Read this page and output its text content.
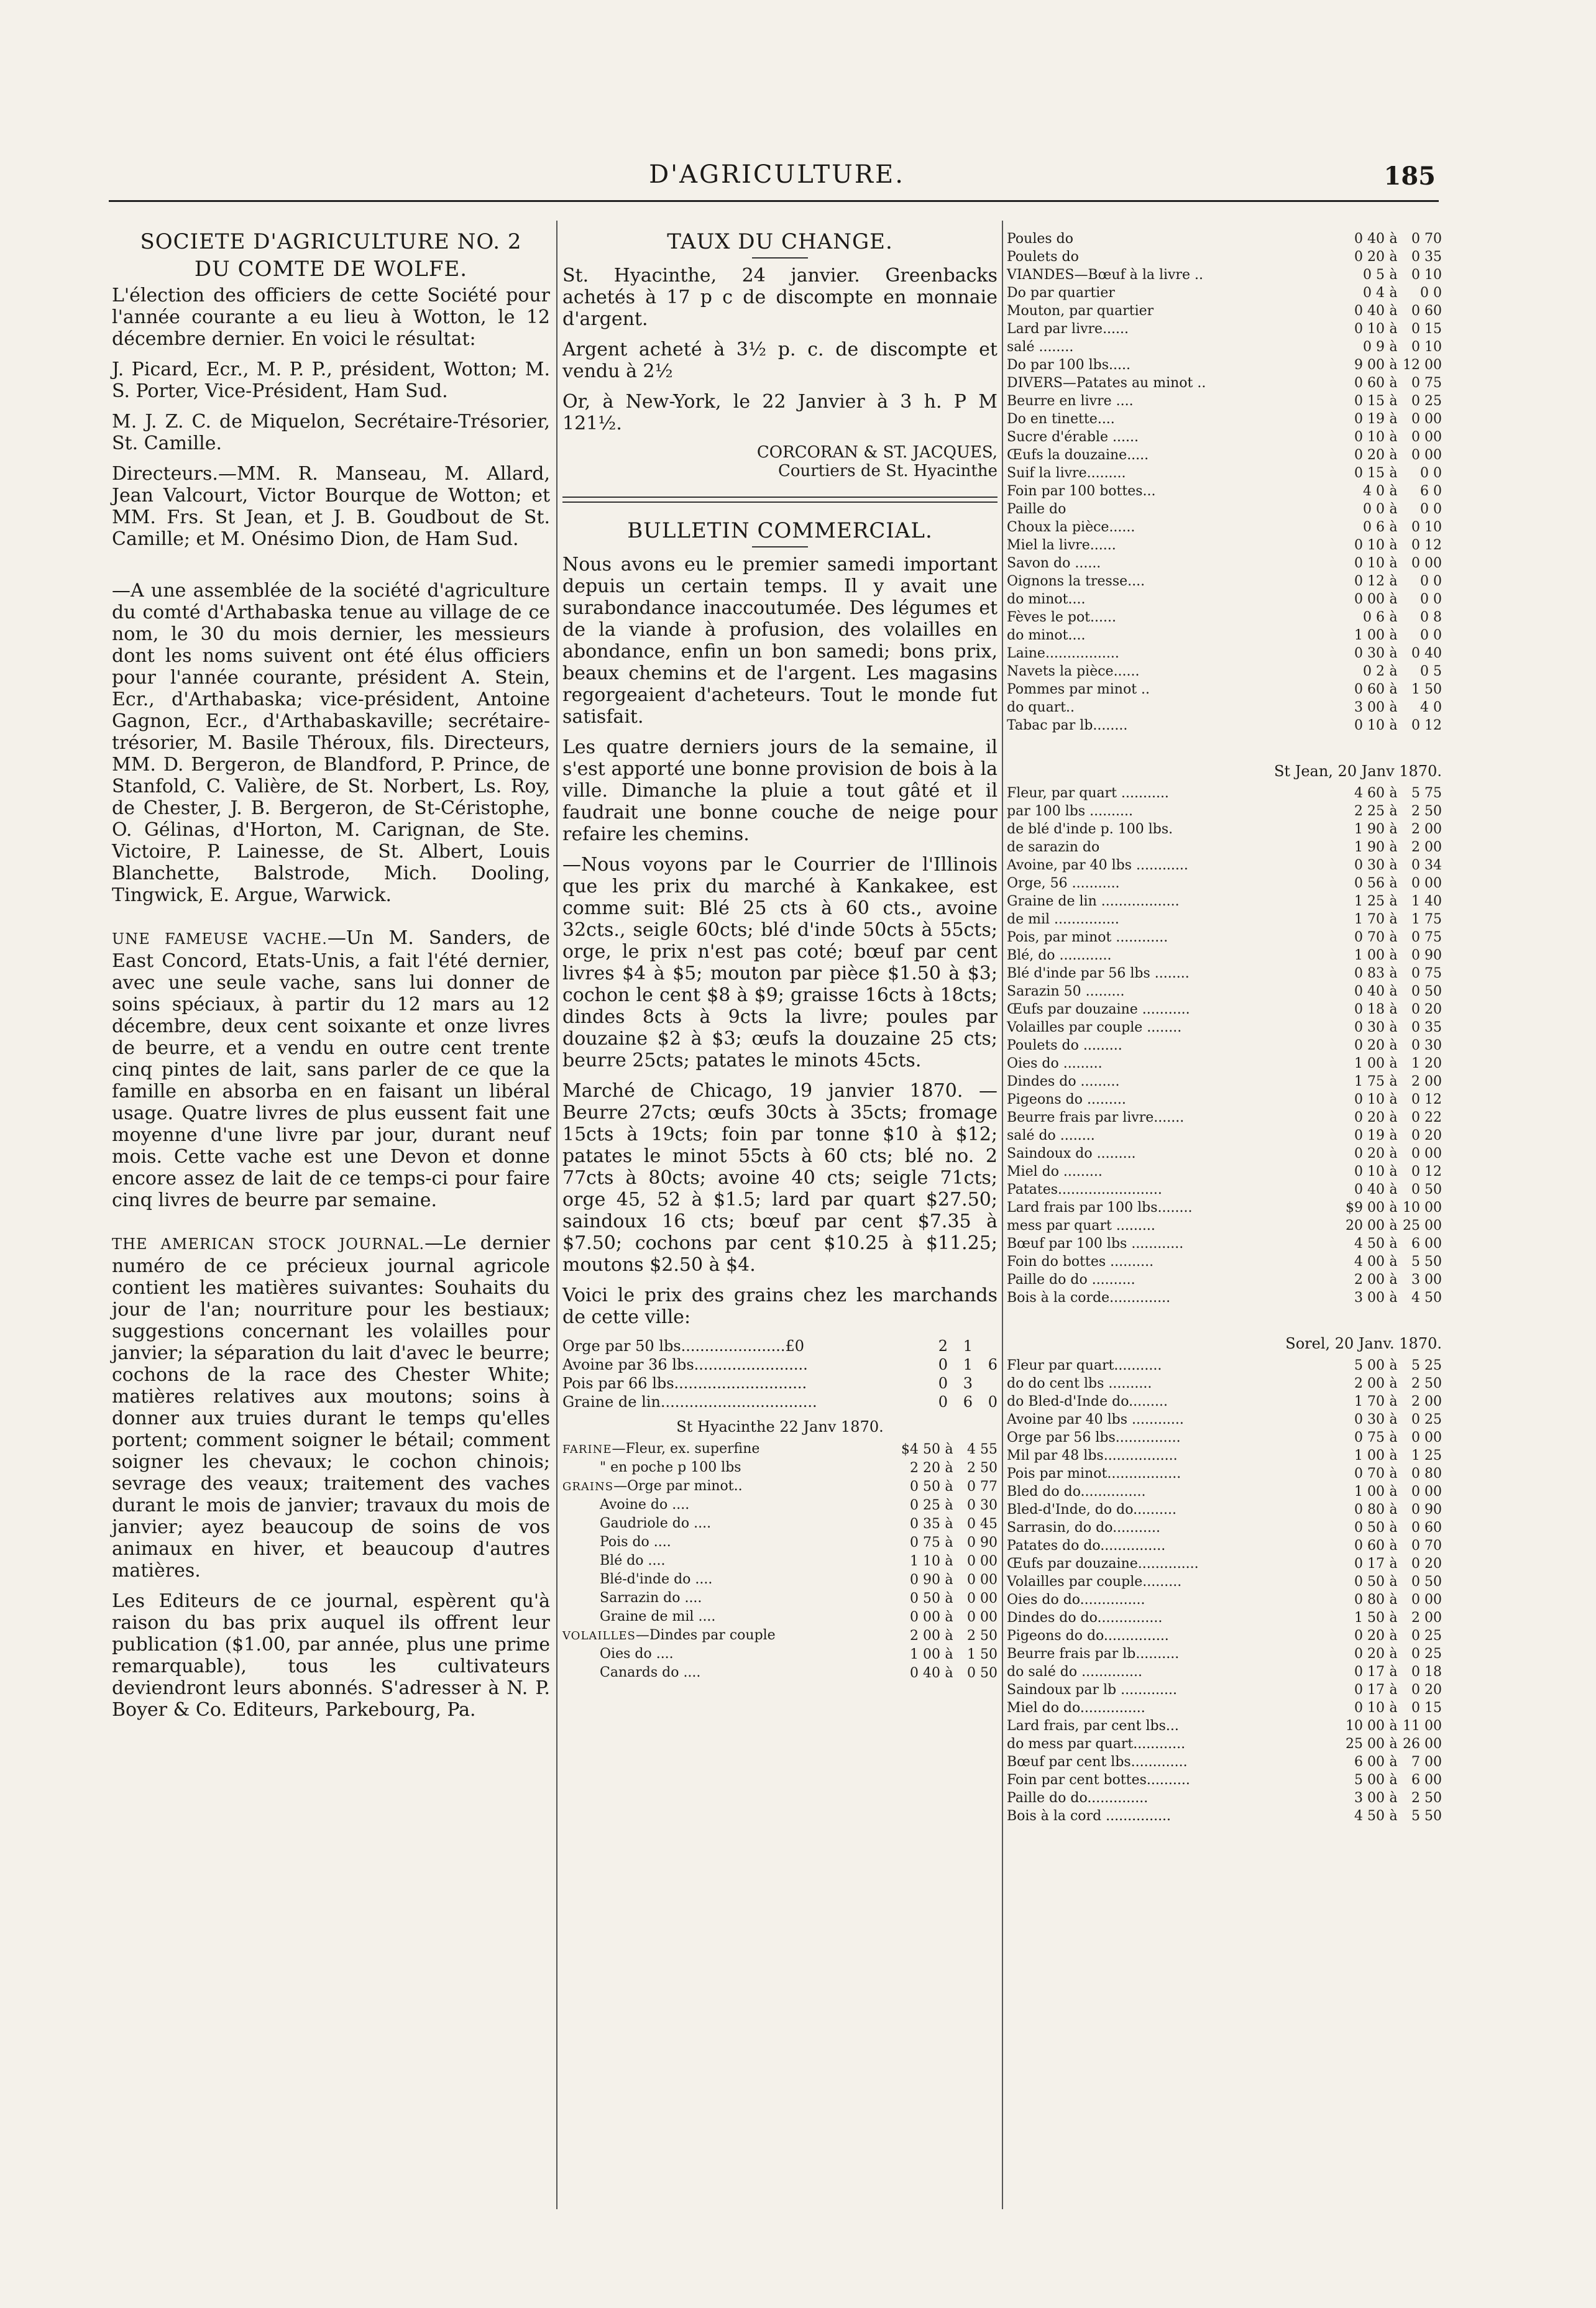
D'AGRICULTURE.	185
SOCIETE D'AGRICULTURE NO. 2
DU COMTE DE WOLFE.

L'élection des officiers de cette Société pour l'année courante a eu lieu à Wotton, le 12 décembre dernier. En voici le résultat:

J. Picard, Ecr., M. P. P., président, Wotton; M. S. Porter, Vice-Président, Ham Sud.

M. J. Z. C. de Miquelon, Secrétaire-Trésorier, St. Camille.

Directeurs.—MM. R. Manseau, M. Allard, Jean Valcourt, Victor Bourque de Wotton; et MM. Frs. St Jean, et J. B. Goudbout de St. Camille; et M. Onésimo Dion, de Ham Sud.

—A une assemblée de la société d'agriculture du comté d'Arthabaska tenue au village de ce nom, le 30 du mois dernier, les messieurs dont les noms suivent ont été élus officiers pour l'année courante, président A. Stein, Ecr., d'Arthabaska; vice-président, Antoine Gagnon, Ecr., d'Arthabaskaville; secrétaire-trésorier, M. Basile Théroux, fils. Directeurs, MM. D. Bergeron, de Blandford, P. Prince, de Stanfold, C. Valière, de St. Norbert, Ls. Roy, de Chester, J. B. Bergeron, de St-Céristophe, O. Gélinas, d'Horton, M. Carignan, de Ste. Victoire, P. Lainesse, de St. Albert, Louis Blanchette, Balstrode, Mich. Dooling, Tingwick, E. Argue, Warwick.

UNE FAMEUSE VACHE.—Un M. Sanders, de East Concord, Etats-Unis, a fait l'été dernier, avec une seule vache, sans lui donner de soins spéciaux, à partir du 12 mars au 12 décembre, deux cent soixante et onze livres de beurre, et a vendu en outre cent trente cinq pintes de lait, sans parler de ce que la famille en absorba en en faisant un libéral usage. Quatre livres de plus eussent fait une moyenne d'une livre par jour, durant neuf mois. Cette vache est une Devon et donne encore assez de lait de ce temps-ci pour faire cinq livres de beurre par semaine.

THE AMERICAN STOCK JOURNAL.—Le dernier numéro de ce précieux journal agricole contient les matières suivantes: Souhaits du jour de l'an; nourriture pour les bestiaux; suggestions concernant les volailles pour janvier; la séparation du lait d'avec le beurre; cochons de la race des Chester White; matières relatives aux moutons; soins à donner aux truies durant le temps qu'elles portent; comment soigner le bétail; comment soigner les chevaux; le cochon chinois; sevrage des veaux; traitement des vaches durant le mois de janvier; travaux du mois de janvier; ayez beaucoup de soins de vos animaux en hiver, et beaucoup d'autres matières.

Les Editeurs de ce journal, espèrent qu'à raison du bas prix auquel ils offrent leur publication ($1.00, par année, plus une prime remarquable), tous les cultivateurs deviendront leurs abonnés. S'adresser à N. P. Boyer & Co. Editeurs, Parkebourg, Pa.

TAUX DU CHANGE.

St. Hyacinthe, 24 janvier. Greenbacks achetés à 17 p c de discompte en monnaie d'argent.

Argent acheté à 3½ p. c. de discompte et vendu à 2½

Or, à New-York, le 22 Janvier à 3 h. P M 121½.

CORCORAN & ST. JACQUES,
Courtiers de St. Hyacinthe
BULLETIN COMMERCIAL.

Nous avons eu le premier samedi important depuis un certain temps. Il y avait une surabondance inaccoutumée. Des légumes et de la viande à profusion, des volailles en abondance, enfin un bon samedi; bons prix, beaux chemins et de l'argent. Les magasins regorgeaient d'acheteurs. Tout le monde fut satisfait.

Les quatre derniers jours de la semaine, il s'est apporté une bonne provision de bois à la ville. Dimanche la pluie a tout gâté et il faudrait une bonne couche de neige pour refaire les chemins.

—Nous voyons par le Courrier de l'Illinois que les prix du marché à Kankakee, est comme suit: Blé 25 cts à 60 cts., avoine 32cts., seigle 60cts; blé d'inde 50cts à 55cts; orge, le prix n'est pas coté; bœuf par cent livres $4 à $5; mouton par pièce $1.50 à $3; cochon le cent $8 à $9; graisse 16cts à 18cts; dindes 8cts à 9cts la livre; poules par douzaine $2 à $3; œufs la douzaine 25 cts; beurre 25cts; patates le minots 45cts.

Marché de Chicago, 19 janvier 1870. —Beurre 27cts; œufs 30cts à 35cts; fromage 15cts à 19cts; foin par tonne $10 à $12; patates le minot 55cts à 60 cts; blé no. 2 77cts à 80cts; avoine 40 cts; seigle 71cts; orge 45, 52 à $1.5; lard par quart $27.50; saindoux 16 cts; bœuf par cent $7.35 à $7.50; cochons par cent $10.25 à $11.25; moutons $2.50 à $4.

Voici le prix des grains chez les marchands de cette ville:

Orge par 50 lbs......................£0	2	1	
Avoine par 36 lbs........................	0	1	6
Pois par 66 lbs............................	0	3	
Graine de lin.................................	0	6	0
St Hyacinthe 22 Janv 1870.
FARINE—Fleur, ex. superfine	$4 50	à	4 55
" en poche p 100 lbs	2 20	à	2 50
GRAINS—Orge par minot..	0 50	à	0 77
Avoine do ....	0 25	à	0 30
Gaudriole do ....	0 35	à	0 45
Pois do ....	0 75	à	0 90
Blé do ....	1 10	à	0 00
Blé-d'inde do ....	0 90	à	0 00
Sarrazin do ....	0 50	à	0 00
Graine de mil ....	0 00	à	0 00
VOLAILLES—Dindes par couple	2 00	à	2 50
Oies do ....	1 00	à	1 50
Canards do ....	0 40	à	0 50
Poules do	0 40	à	0 70
Poulets do	0 20	à	0 35
VIANDES—Bœuf à la livre ..	0 5	à	0 10
Do par quartier	0 4	à	0 0
Mouton, par quartier	0 40	à	0 60
Lard par livre......	0 10	à	0 15
salé ........	0 9	à	0 10
Do par 100 lbs.....	9 00	à	12 00
DIVERS—Patates au minot ..	0 60	à	0 75
Beurre en livre ....	0 15	à	0 25
Do en tinette....	0 19	à	0 00
Sucre d'érable ......	0 10	à	0 00
Œufs la douzaine.....	0 20	à	0 00
Suif la livre.........	0 15	à	0 0
Foin par 100 bottes...	4 0	à	6 0
Paille do	0 0	à	0 0
Choux la pièce......	0 6	à	0 10
Miel la livre......	0 10	à	0 12
Savon do ......	0 10	à	0 00
Oignons la tresse....	0 12	à	0 0
do minot....	0 00	à	0 0
Fèves le pot......	0 6	à	0 8
do minot....	1 00	à	0 0
Laine.................	0 30	à	0 40
Navets la pièce......	0 2	à	0 5
Pommes par minot ..	0 60	à	1 50
do quart..	3 00	à	4 0
Tabac par lb........	0 10	à	0 12
St Jean, 20 Janv 1870.
Fleur, par quart ...........	4 60	à	5 75
par 100 lbs ..........	2 25	à	2 50
de blé d'inde p. 100 lbs.	1 90	à	2 00
de sarazin do	1 90	à	2 00
Avoine, par 40 lbs ............	0 30	à	0 34
Orge, 56 ...........	0 56	à	0 00
Graine de lin ..................	1 25	à	1 40
de mil ...............	1 70	à	1 75
Pois, par minot ............	0 70	à	0 75
Blé, do ............	1 00	à	0 90
Blé d'inde par 56 lbs ........	0 83	à	0 75
Sarazin 50 .........	0 40	à	0 50
Œufs par douzaine ...........	0 18	à	0 20
Volailles par couple ........	0 30	à	0 35
Poulets do .........	0 20	à	0 30
Oies do .........	1 00	à	1 20
Dindes do .........	1 75	à	2 00
Pigeons do .........	0 10	à	0 12
Beurre frais par livre.......	0 20	à	0 22
salé do ........	0 19	à	0 20
Saindoux do .........	0 20	à	0 00
Miel do .........	0 10	à	0 12
Patates........................	0 40	à	0 50
Lard frais par 100 lbs........	$9 00	à	10 00
mess par quart .........	20 00	à	25 00
Bœuf par 100 lbs ............	4 50	à	6 00
Foin do bottes ..........	4 00	à	5 50
Paille do do ..........	2 00	à	3 00
Bois à la corde..............	3 00	à	4 50
Sorel, 20 Janv. 1870.
Fleur par quart...........	5 00	à	5 25
do do cent lbs ..........	2 00	à	2 50
do Bled-d'Inde do.........	1 70	à	2 00
Avoine par 40 lbs ............	0 30	à	0 25
Orge par 56 lbs...............	0 75	à	0 00
Mil par 48 lbs.................	1 00	à	1 25
Pois par minot.................	0 70	à	0 80
Bled do do...............	1 00	à	0 00
Bled-d'Inde, do do..........	0 80	à	0 90
Sarrasin, do do...........	0 50	à	0 60
Patates do do...............	0 60	à	0 70
Œufs par douzaine..............	0 17	à	0 20
Volailles par couple.........	0 50	à	0 50
Oies do do...............	0 80	à	0 00
Dindes do do...............	1 50	à	2 00
Pigeons do do...............	0 20	à	0 25
Beurre frais par lb..........	0 20	à	0 25
do salé do ..............	0 17	à	0 18
Saindoux par lb .............	0 17	à	0 20
Miel do do...............	0 10	à	0 15
Lard frais, par cent lbs...	10 00	à	11 00
do mess par quart............	25 00	à	26 00
Bœuf par cent lbs.............	6 00	à	7 00
Foin par cent bottes..........	5 00	à	6 00
Paille do do..............	3 00	à	2 50
Bois à la cord ...............	4 50	à	5 50
